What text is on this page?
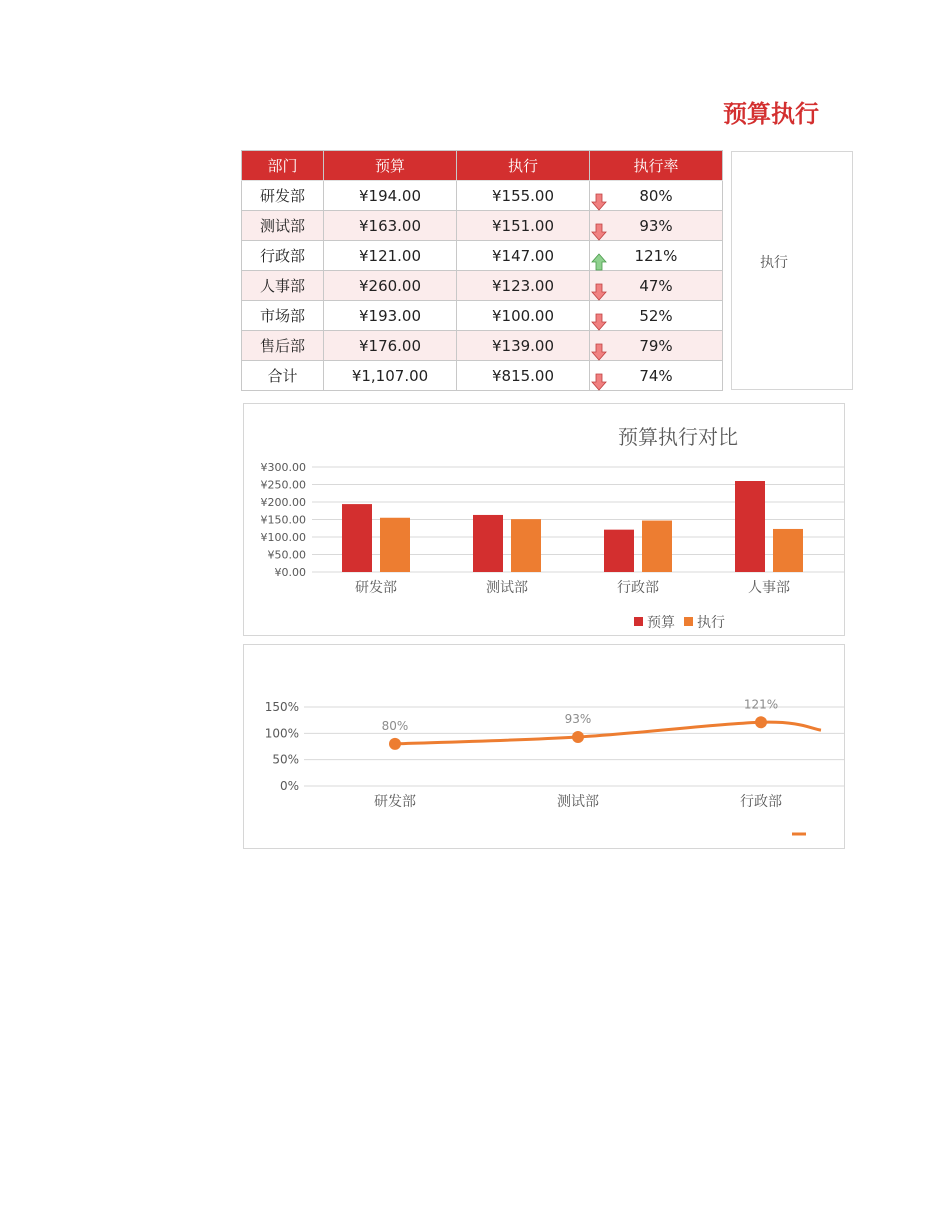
预算执行
部门	预算	执行	执行率
研发部	¥194.00	¥155.00	80%
测试部	¥163.00	¥151.00	93%
行政部	¥121.00	¥147.00	121%
人事部	¥260.00	¥123.00	47%
市场部	¥193.00	¥100.00	52%
售后部	¥176.00	¥139.00	79%
合计	¥1,107.00	¥815.00	74%
执行
预算执行对比
¥0.00
¥50.00
¥100.00
¥150.00
¥200.00
¥250.00
¥300.00
研发部	测试部	行政部	人事部
预算 执行
0%
50%
100%
150%
研发部	测试部	行政部
80%	93%
121%
